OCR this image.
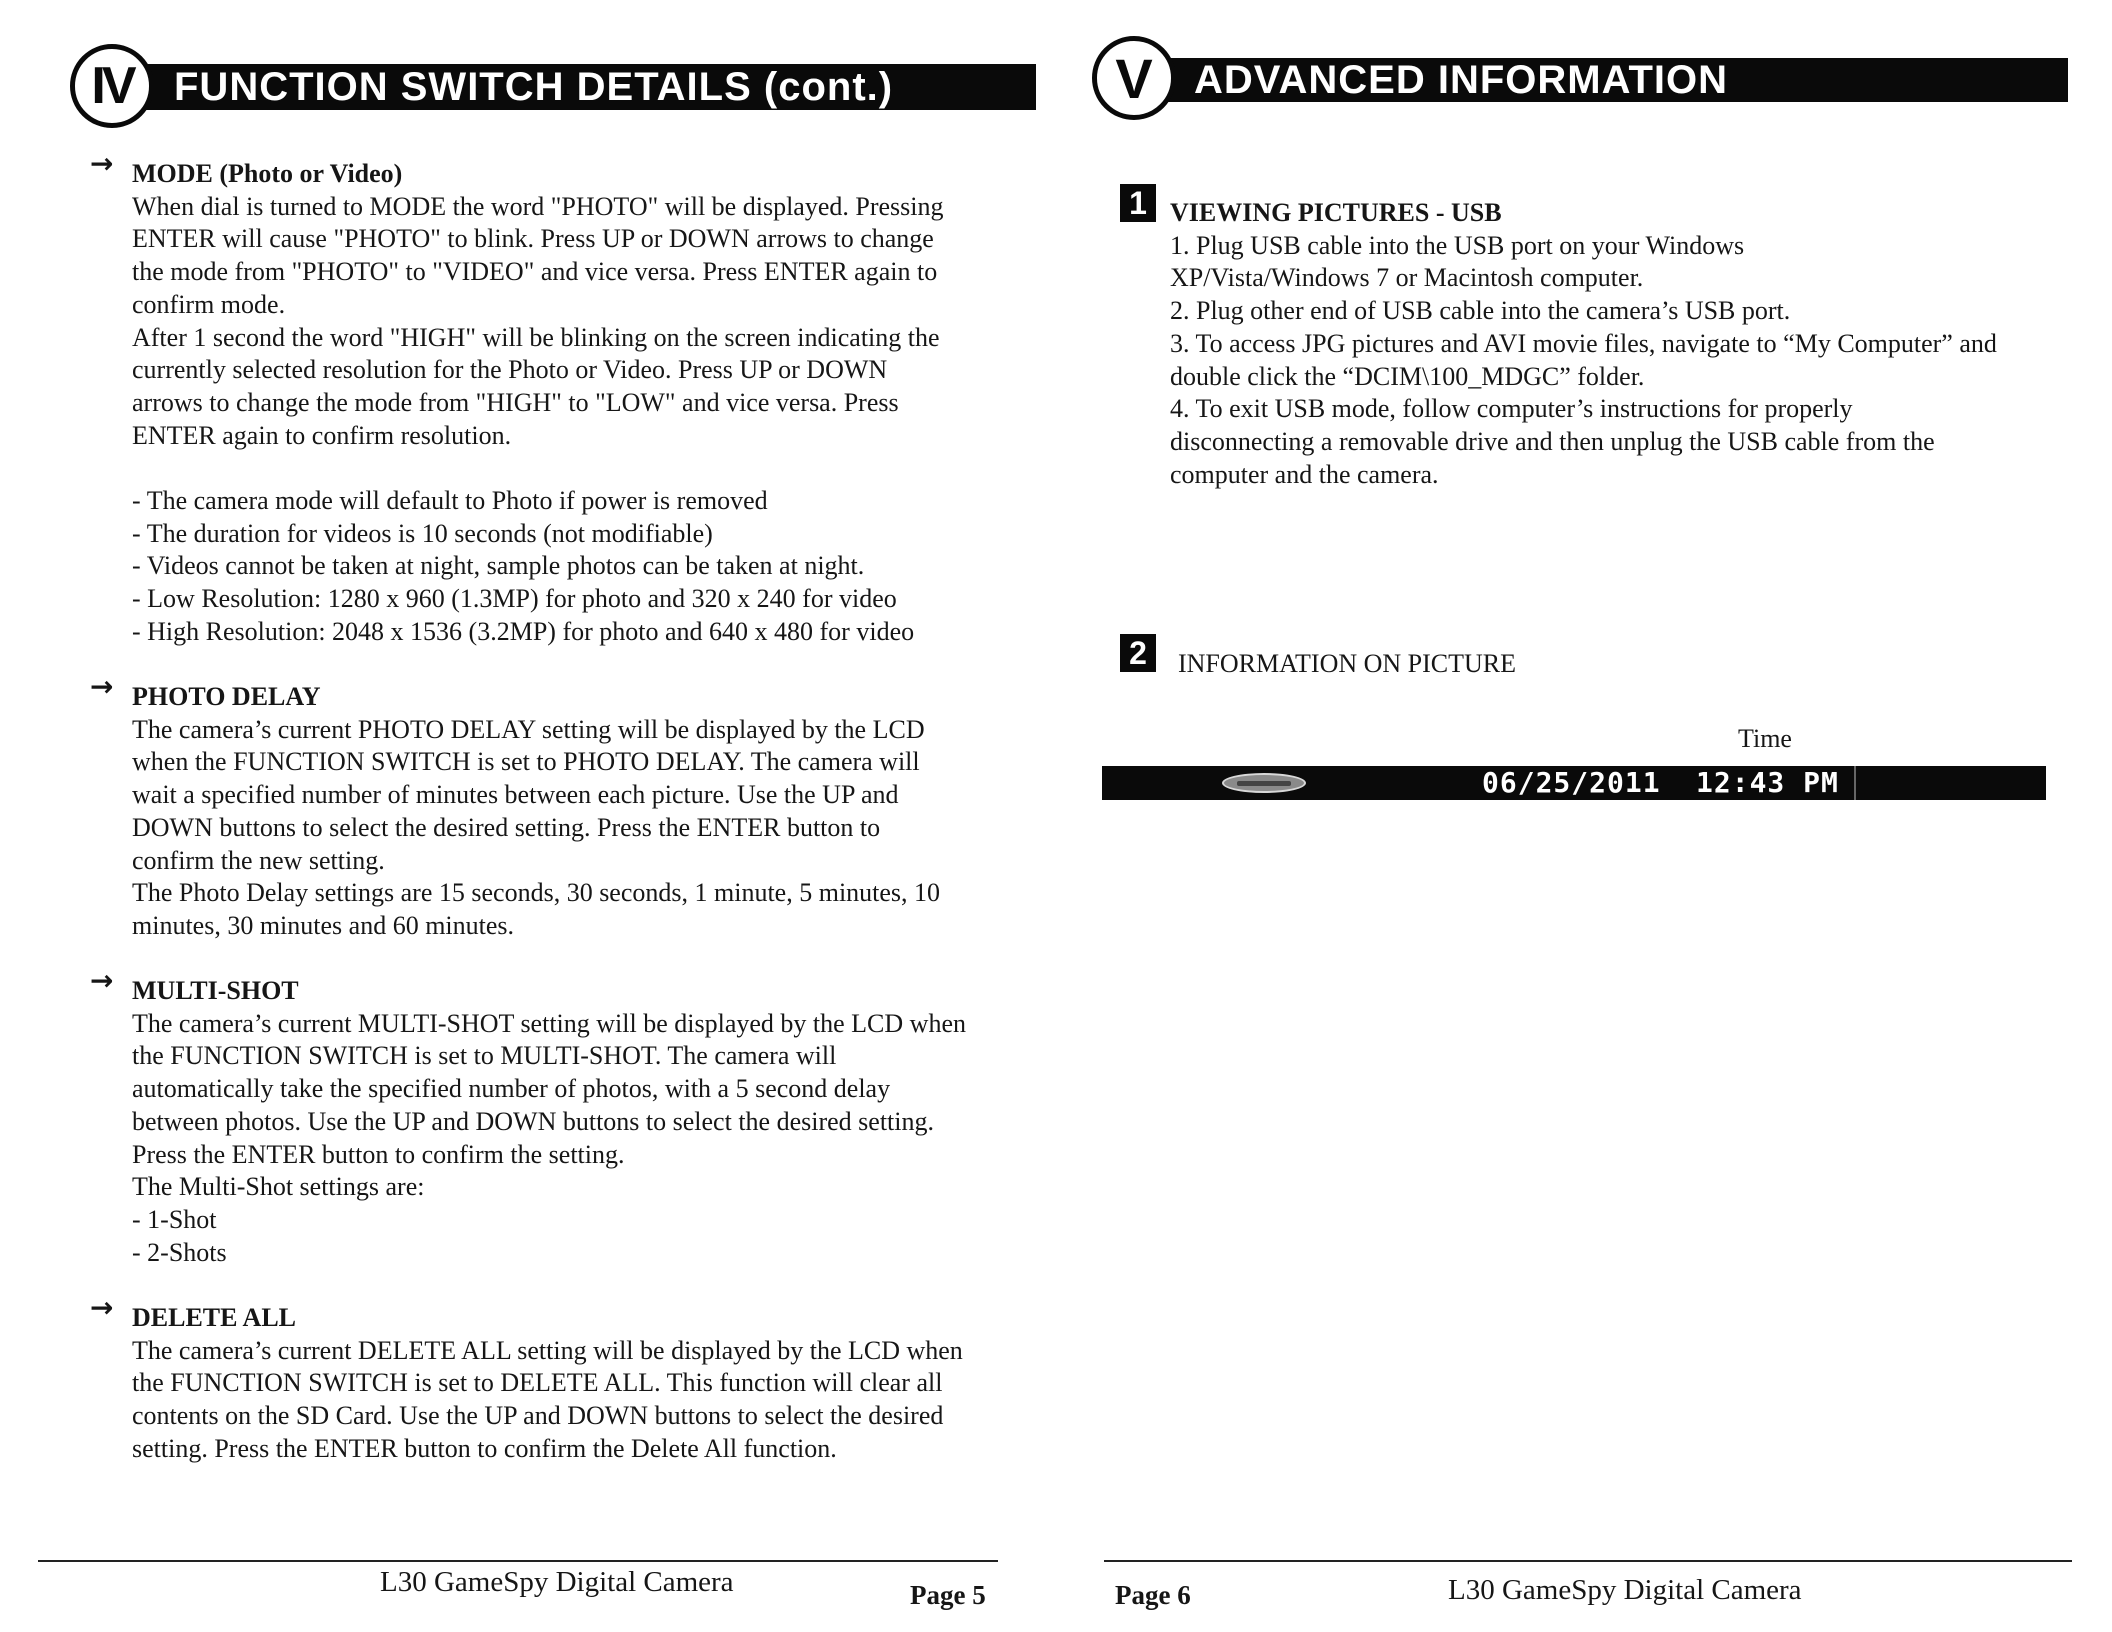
FUNCTION SWITCH DETAILS (cont.)
IV
→ MODE (Photo or Video)
When dial is turned to MODE the word "PHOTO" will be displayed. Pressing
ENTER will cause "PHOTO" to blink. Press UP or DOWN arrows to change
the mode from "PHOTO" to "VIDEO" and vice versa. Press ENTER again to
confirm mode.
After 1 second the word "HIGH" will be blinking on the screen indicating the
currently selected resolution for the Photo or Video. Press UP or DOWN
arrows to change the mode from "HIGH" to "LOW" and vice versa. Press
ENTER again to confirm resolution.
- The camera mode will default to Photo if power is removed
- The duration for videos is 10 seconds (not modifiable)
- Videos cannot be taken at night, sample photos can be taken at night.
- Low Resolution: 1280 x 960 (1.3MP) for photo and 320 x 240 for video
- High Resolution: 2048 x 1536 (3.2MP) for photo and 640 x 480 for video
→ PHOTO DELAY
The camera’s current PHOTO DELAY setting will be displayed by the LCD
when the FUNCTION SWITCH is set to PHOTO DELAY. The camera will
wait a specified number of minutes between each picture. Use the UP and
DOWN buttons to select the desired setting. Press the ENTER button to
confirm the new setting.
The Photo Delay settings are 15 seconds, 30 seconds, 1 minute, 5 minutes, 10
minutes, 30 minutes and 60 minutes.
→ MULTI-SHOT
The camera’s current MULTI-SHOT setting will be displayed by the LCD when
the FUNCTION SWITCH is set to MULTI-SHOT. The camera will
automatically take the specified number of photos, with a 5 second delay
between photos. Use the UP and DOWN buttons to select the desired setting.
Press the ENTER button to confirm the setting.
The Multi-Shot settings are:
- 1-Shot
- 2-Shots
→ DELETE ALL
The camera’s current DELETE ALL setting will be displayed by the LCD when
the FUNCTION SWITCH is set to DELETE ALL. This function will clear all
contents on the SD Card. Use the UP and DOWN buttons to select the desired
setting. Press the ENTER button to confirm the Delete All function.
L30 GameSpy Digital Camera	Page 5
ADVANCED INFORMATION
V
1 VIEWING PICTURES - USB
1. Plug USB cable into the USB port on your Windows
XP/Vista/Windows 7 or Macintosh computer.
2. Plug other end of USB cable into the camera’s USB port.
3. To access JPG pictures and AVI movie files, navigate to “My Computer” and
double click the “DCIM\100_MDGC” folder.
4. To exit USB mode, follow computer’s instructions for properly
disconnecting a removable drive and then unplug the USB cable from the
computer and the camera.
2	INFORMATION ON PICTURE
Time
06/25/2011 12:43 PM
Page 6	L30 GameSpy Digital Camera
